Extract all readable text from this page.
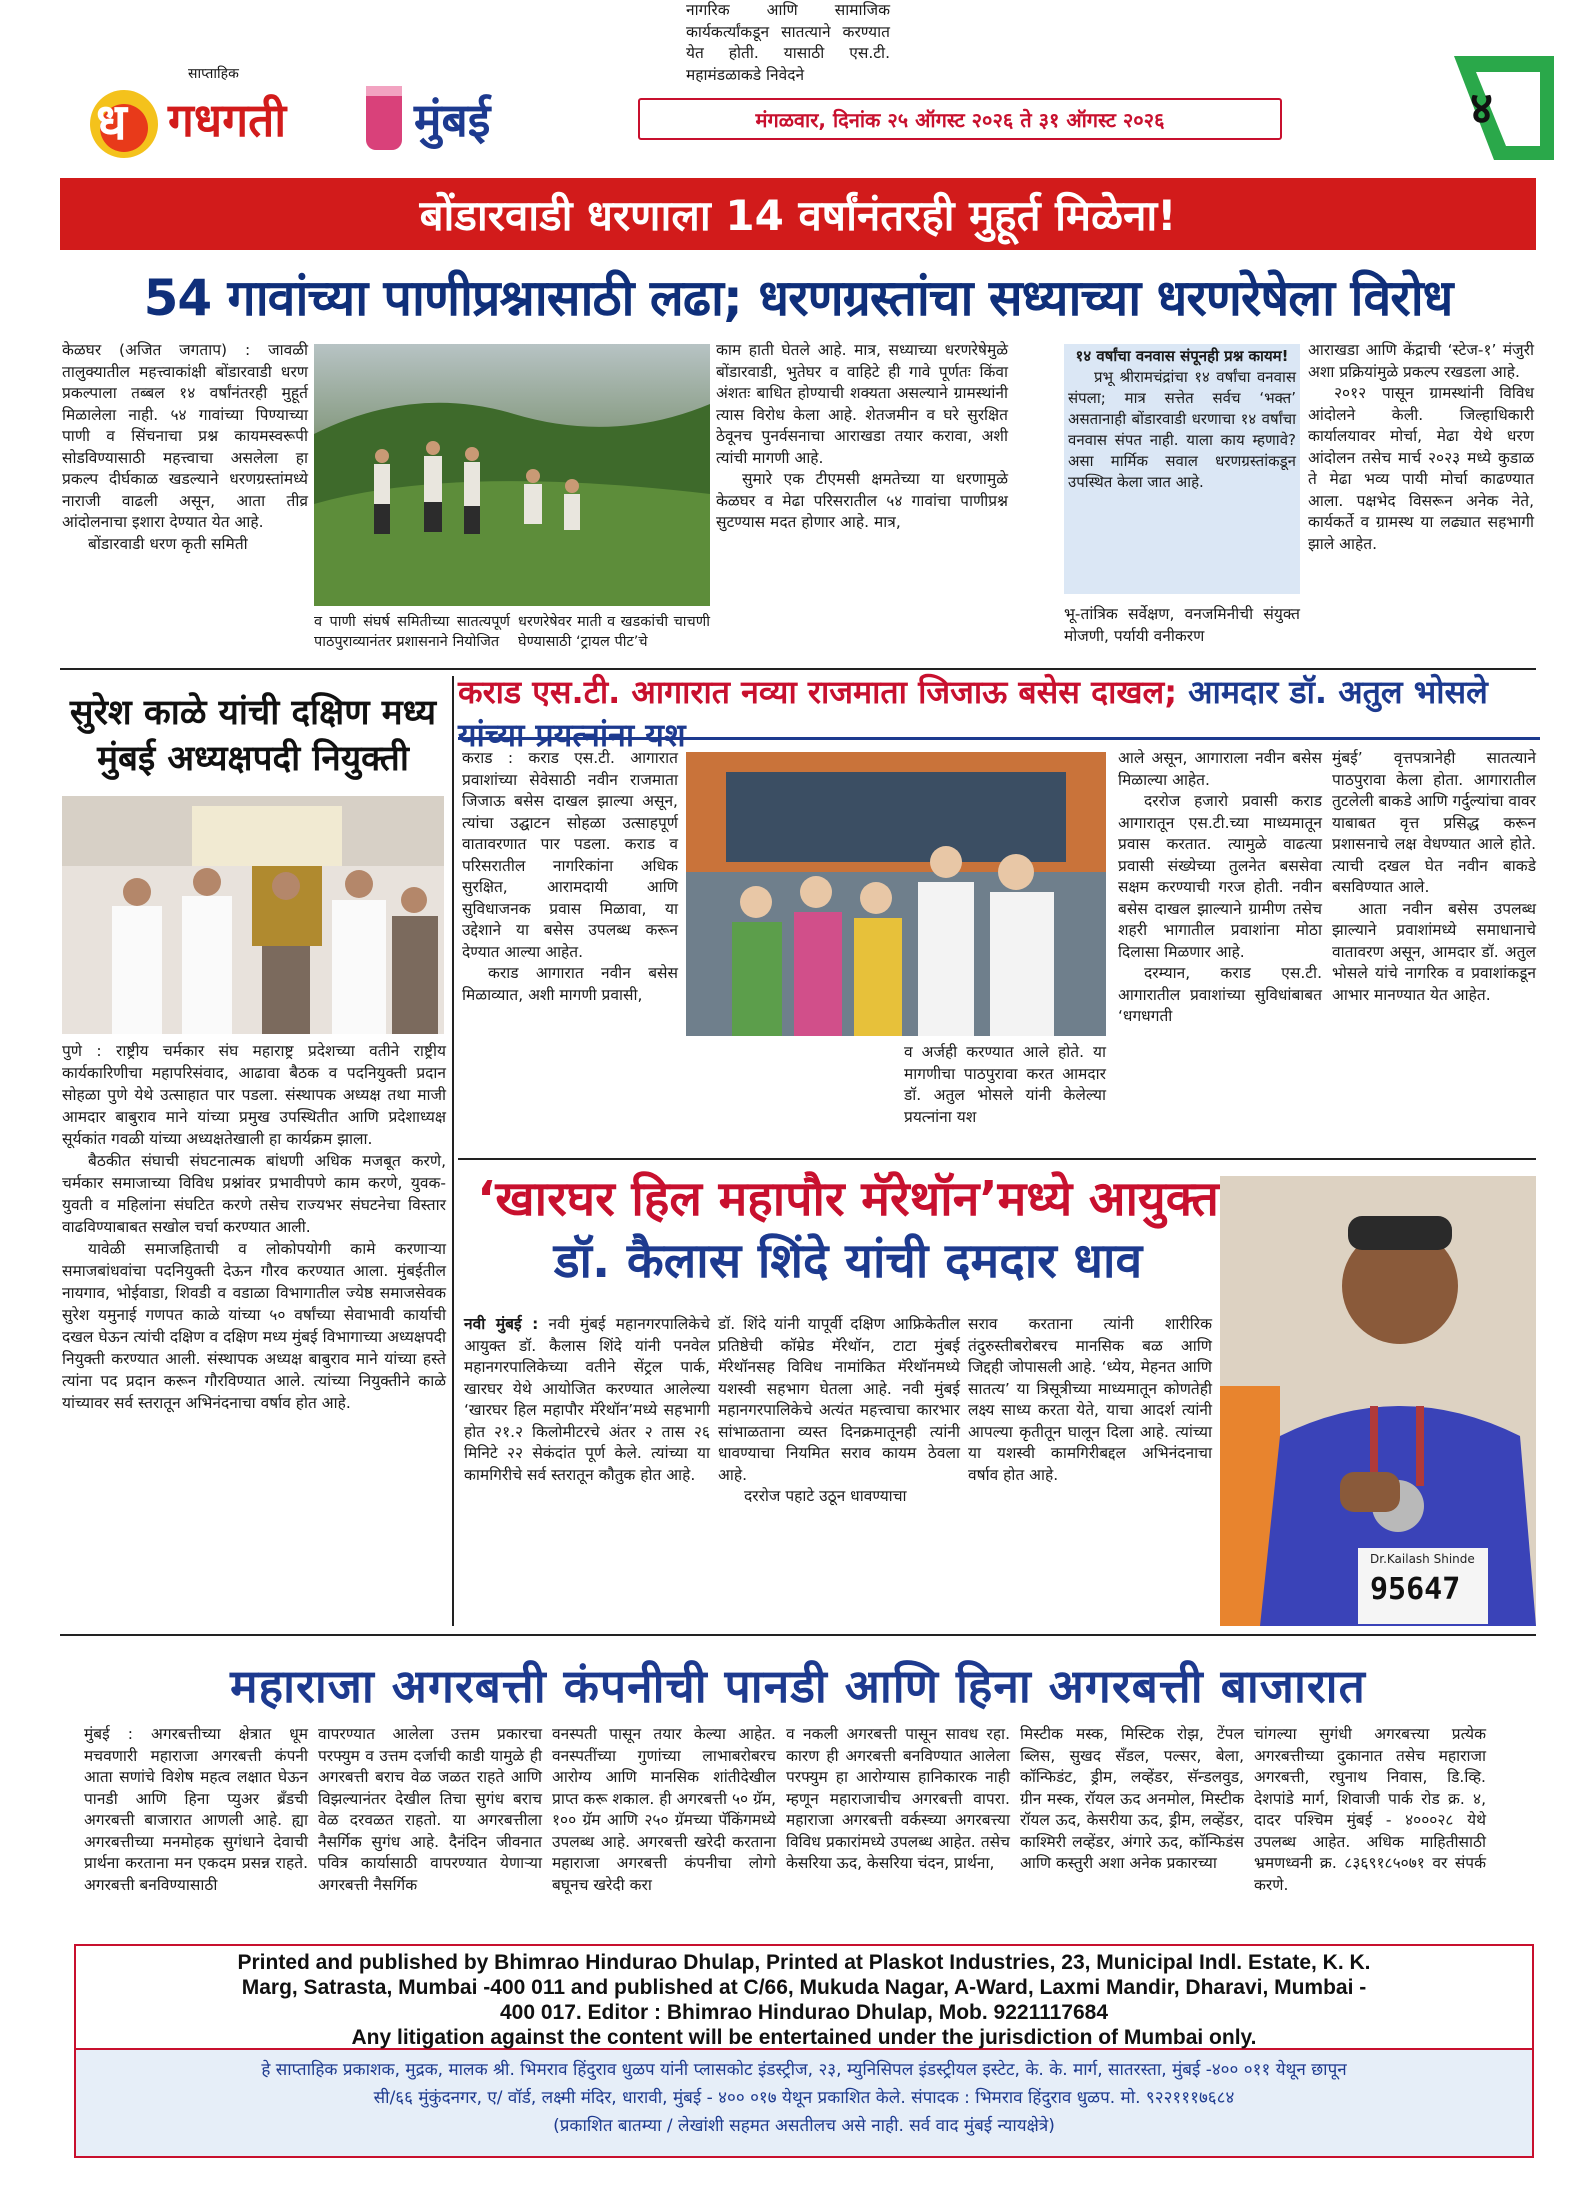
साप्ताहिक
ध गधगती	मुंबई	मंगळवार, दिनांक २५ ऑगस्ट २०२६ ते ३१ ऑगस्ट २०२६	४
बोंडारवाडी धरणाला 14 वर्षांनंतरही मुहूर्त मिळेना!
54 गावांच्या पाणीप्रश्नासाठी लढा; धरणग्रस्तांचा सध्याच्या धरणरेषेला विरोध

केळघर (अजित जगताप) : जावळी तालुक्यातील महत्त्वाकांक्षी बोंडारवाडी धरण प्रकल्पाला तब्बल १४ वर्षांनंतरही मुहूर्त मिळालेला नाही. ५४ गावांच्या पिण्याच्या पाणी व सिंचनाचा प्रश्न कायमस्वरूपी सोडविण्यासाठी महत्त्वाचा असलेला हा प्रकल्प दीर्घकाळ खडल्याने धरणग्रस्तांमध्ये नाराजी वाढली असून, आता तीव्र आंदोलनाचा इशारा देण्यात येत आहे.

बोंडारवाडी धरण कृती समिती

व पाणी संघर्ष समितीच्या सातत्यपूर्ण पाठपुराव्यानंतर प्रशासनाने नियोजित
धरणरेषेवर माती व खडकांची चाचणी घेण्यासाठी ‘ट्रायल पीट’चे

काम हाती घेतले आहे. मात्र, सध्याच्या धरणरेषेमुळे बोंडारवाडी, भुतेघर व वाहिटे ही गावे पूर्णतः किंवा अंशतः बाधित होण्याची शक्यता असल्याने ग्रामस्थांनी त्यास विरोध केला आहे. शेतजमीन व घरे सुरक्षित ठेवूनच पुनर्वसनाचा आराखडा तयार करावा, अशी त्यांची मागणी आहे.

सुमारे एक टीएमसी क्षमतेच्या या धरणामुळे केळघर व मेढा परिसरातील ५४ गावांचा पाणीप्रश्न सुटण्यास मदत होणार आहे. मात्र,

१४ वर्षांचा वनवास संपूनही प्रश्न कायम!

प्रभू श्रीरामचंद्रांचा १४ वर्षांचा वनवास संपला; मात्र सत्तेत सर्वच ‘भक्त’ असतानाही बोंडारवाडी धरणाचा १४ वर्षांचा वनवास संपत नाही. याला काय म्हणावे? असा मार्मिक सवाल धरणग्रस्तांकडून उपस्थित केला जात आहे.

भू-तांत्रिक सर्वेक्षण, वनजमिनीची संयुक्त मोजणी, पर्यायी वनीकरण

आराखडा आणि केंद्राची ‘स्टेज-१’ मंजुरी अशा प्रक्रियांमुळे प्रकल्प रखडला आहे.

२०१२ पासून ग्रामस्थांनी विविध आंदोलने केली. जिल्हाधिकारी कार्यालयावर मोर्चा, मेढा येथे धरण आंदोलन तसेच मार्च २०२३ मध्ये कुडाळ ते मेढा भव्य पायी मोर्चा काढण्यात आला. पक्षभेद विसरून अनेक नेते, कार्यकर्ते व ग्रामस्थ या लढ्यात सहभागी झाले आहेत.

सुरेश काळे यांची दक्षिण मध्य
मुंबई अध्यक्षपदी नियुक्ती

पुणे : राष्ट्रीय चर्मकार संघ महाराष्ट्र प्रदेशच्या वतीने राष्ट्रीय कार्यकारिणीचा महापरिसंवाद, आढावा बैठक व पदनियुक्ती प्रदान सोहळा पुणे येथे उत्साहात पार पडला. संस्थापक अध्यक्ष तथा माजी आमदार बाबुराव माने यांच्या प्रमुख उपस्थितीत आणि प्रदेशाध्यक्ष सूर्यकांत गवळी यांच्या अध्यक्षतेखाली हा कार्यक्रम झाला.

बैठकीत संघाची संघटनात्मक बांधणी अधिक मजबूत करणे, चर्मकार समाजाच्या विविध प्रश्नांवर प्रभावीपणे काम करणे, युवक-युवती व महिलांना संघटित करणे तसेच राज्यभर संघटनेचा विस्तार वाढविण्याबाबत सखोल चर्चा करण्यात आली.

यावेळी समाजहिताची व लोकोपयोगी कामे करणाऱ्या समाजबांधवांचा पदनियुक्ती देऊन गौरव करण्यात आला. मुंबईतील नायगाव, भोईवाडा, शिवडी व वडाळा विभागातील ज्येष्ठ समाजसेवक सुरेश यमुनाई गणपत काळे यांच्या ५० वर्षांच्या सेवाभावी कार्याची दखल घेऊन त्यांची दक्षिण व दक्षिण मध्य मुंबई विभागाच्या अध्यक्षपदी नियुक्ती करण्यात आली. संस्थापक अध्यक्ष बाबुराव माने यांच्या हस्ते त्यांना पद प्रदान करून गौरविण्यात आले. त्यांच्या नियुक्तीने काळे यांच्यावर सर्व स्तरातून अभिनंदनाचा वर्षाव होत आहे.

कराड एस.टी. आगारात नव्या राजमाता जिजाऊ बसेस दाखल; आमदार डॉ. अतुल भोसले यांच्या प्रयत्नांना यश

कराड : कराड एस.टी. आगारात प्रवाशांच्या सेवेसाठी नवीन राजमाता जिजाऊ बसेस दाखल झाल्या असून, त्यांचा उद्घाटन सोहळा उत्साहपूर्ण वातावरणात पार पडला. कराड व परिसरातील नागरिकांना अधिक सुरक्षित, आरामदायी आणि सुविधाजनक प्रवास मिळावा, या उद्देशाने या बसेस उपलब्ध करून देण्यात आल्या आहेत.

कराड आगारात नवीन बसेस मिळाव्यात, अशी मागणी प्रवासी,

नागरिक आणि सामाजिक कार्यकर्त्यांकडून सातत्याने करण्यात येत होती. यासाठी एस.टी. महामंडळाकडे निवेदने
व अर्जही करण्यात आले होते. या मागणीचा पाठपुरावा करत आमदार डॉ. अतुल भोसले यांनी केलेल्या प्रयत्नांना यश

आले असून, आगाराला नवीन बसेस मिळाल्या आहेत.

दररोज हजारो प्रवासी कराड आगारातून एस.टी.च्या माध्यमातून प्रवास करतात. त्यामुळे वाढत्या प्रवासी संख्येच्या तुलनेत बससेवा सक्षम करण्याची गरज होती. नवीन बसेस दाखल झाल्याने ग्रामीण तसेच शहरी भागातील प्रवाशांना मोठा दिलासा मिळणार आहे.

दरम्यान, कराड एस.टी. आगारातील प्रवाशांच्या सुविधांबाबत ‘धगधगती

मुंबई’ वृत्तपत्रानेही सातत्याने पाठपुरावा केला होता. आगारातील तुटलेली बाकडे आणि गर्दुल्यांचा वावर याबाबत वृत्त प्रसिद्ध करून प्रशासनाचे लक्ष वेधण्यात आले होते. त्याची दखल घेत नवीन बाकडे बसविण्यात आले.

आता नवीन बसेस उपलब्ध झाल्याने प्रवाशांमध्ये समाधानाचे वातावरण असून, आमदार डॉ. अतुल भोसले यांचे नागरिक व प्रवाशांकडून आभार मानण्यात येत आहेत.

‘खारघर हिल महापौर मॅरेथॉन’मध्ये आयुक्त
डॉ. कैलास शिंदे यांची दमदार धाव

नवी मुंबई : नवी मुंबई महानगरपालिकेचे आयुक्त डॉ. कैलास शिंदे यांनी पनवेल महानगरपालिकेच्या वतीने सेंट्रल पार्क, खारघर येथे आयोजित करण्यात आलेल्या ‘खारघर हिल महापौर मॅरेथॉन’मध्ये सहभागी होत २१.२ किलोमीटरचे अंतर २ तास २६ मिनिटे २२ सेकंदांत पूर्ण केले. त्यांच्या या कामगिरीचे सर्व स्तरातून कौतुक होत आहे.

डॉ. शिंदे यांनी यापूर्वी दक्षिण आफ्रिकेतील प्रतिष्ठेची कॉम्रेड मॅरेथॉन, टाटा मुंबई मॅरेथॉनसह विविध नामांकित मॅरेथॉनमध्ये यशस्वी सहभाग घेतला आहे. नवी मुंबई महानगरपालिकेचे अत्यंत महत्त्वाचा कारभार सांभाळताना व्यस्त दिनक्रमातूनही त्यांनी धावण्याचा नियमित सराव कायम ठेवला आहे.

दररोज पहाटे उठून धावण्याचा

सराव करताना त्यांनी शारीरिक तंदुरुस्तीबरोबरच मानसिक बळ आणि जिद्दही जोपासली आहे. ‘ध्येय, मेहनत आणि सातत्य’ या त्रिसूत्रीच्या माध्यमातून कोणतेही लक्ष्य साध्य करता येते, याचा आदर्श त्यांनी आपल्या कृतीतून घालून दिला आहे. त्यांच्या या यशस्वी कामगिरीबद्दल अभिनंदनाचा वर्षाव होत आहे.
Dr.Kailash Shinde
95647
महाराजा अगरबत्ती कंपनीची पानडी आणि हिना अगरबत्ती बाजारात
मुंबई : अगरबत्तीच्या क्षेत्रात धूम मचवणारी महाराजा अगरबत्ती कंपनी आता सणांचे विशेष महत्व लक्षात घेऊन पानडी आणि हिना प्युअर ब्रँडची अगरबत्ती बाजारात आणली आहे. ह्या अगरबत्तीच्या मनमोहक सुगंधाने देवाची प्रार्थना करताना मन एकदम प्रसन्न राहते. अगरबत्ती बनविण्यासाठी
वापरण्यात आलेला उत्तम प्रकारचा परफ्युम व उत्तम दर्जाची काडी यामुळे ही अगरबत्ती बराच वेळ जळत राहते आणि विझल्यानंतर देखील तिचा सुगंध बराच वेळ दरवळत राहतो. या अगरबत्तीला नैसर्गिक सुगंध आहे. दैनंदिन जीवनात पवित्र कार्यासाठी वापरण्यात येणाऱ्या अगरबत्ती नैसर्गिक
वनस्पती पासून तयार केल्या आहेत. वनस्पतींच्या गुणांच्या लाभाबरोबरच आरोग्य आणि मानसिक शांतीदेखील प्राप्त करू शकाल. ही अगरबत्ती ५० ग्रॅम, १०० ग्रॅम आणि २५० ग्रॅमच्या पॅकिंगमध्ये उपलब्ध आहे. अगरबत्ती खरेदी करताना महाराजा अगरबत्ती कंपनीचा लोगो बघूनच खरेदी करा
व नकली अगरबत्ती पासून सावध रहा. कारण ही अगरबत्ती बनविण्यात आलेला परफ्युम हा आरोग्यास हानिकारक नाही म्हणून महाराजाचीच अगरबत्ती वापरा. महाराजा अगरबत्ती वर्कस्च्या अगरबत्त्या विविध प्रकारांमध्ये उपलब्ध आहेत. तसेच केसरिया ऊद, केसरिया चंदन, प्रार्थना,
मिस्टीक मस्क, मिस्टिक रोझ, टेंपल ब्लिस, सुखद सँडल, पल्सर, बेला, कॉन्फिडंट, ड्रीम, लव्हेंडर, सॅन्डलवुड, ग्रीन मस्क, रॉयल ऊद अनमोल, मिस्टीक रॉयल ऊद, केसरीया ऊद, ड्रीम, लव्हेंडर, काश्मिरी लव्हेंडर, अंगारे ऊद, कॉन्फिडंस आणि कस्तुरी अशा अनेक प्रकारच्या
चांगल्या सुगंधी अगरबत्त्या प्रत्येक अगरबत्तीच्या दुकानात तसेच महाराजा अगरबत्ती, रघुनाथ निवास, डि.व्हि. देशपांडे मार्ग, शिवाजी पार्क रोड क्र. ४, दादर पश्चिम मुंबई - ४०००२८ येथे उपलब्ध आहेत. अधिक माहितीसाठी भ्रमणध्वनी क्र. ८३६९१८५०७१ वर संपर्क करणे.
Printed and published by Bhimrao Hindurao Dhulap, Printed at Plaskot Industries, 23, Municipal Indl. Estate, K. K.
Marg, Satrasta, Mumbai -400 011 and published at C/66, Mukuda Nagar, A-Ward, Laxmi Mandir, Dharavi, Mumbai -
400 017. Editor : Bhimrao Hindurao Dhulap, Mob. 9221117684
Any litigation against the content will be entertained under the jurisdiction of Mumbai only.
हे साप्ताहिक प्रकाशक, मुद्रक, मालक श्री. भिमराव हिंदुराव धुळप यांनी प्लासकोट इंडस्ट्रीज, २३, म्युनिसिपल इंडस्ट्रीयल इस्टेट, के. के. मार्ग, सातरस्ता, मुंबई -४०० ०११ येथून छापून
सी/६६ मुंकुंदनगर, ए/ वॉर्ड, लक्ष्मी मंदिर, धारावी, मुंबई - ४०० ०१७ येथून प्रकाशित केले. संपादक : भिमराव हिंदुराव धुळप. मो. ९२२१११७६८४
(प्रकाशित बातम्या / लेखांशी सहमत असतीलच असे नाही. सर्व वाद मुंबई न्यायक्षेत्रे)
